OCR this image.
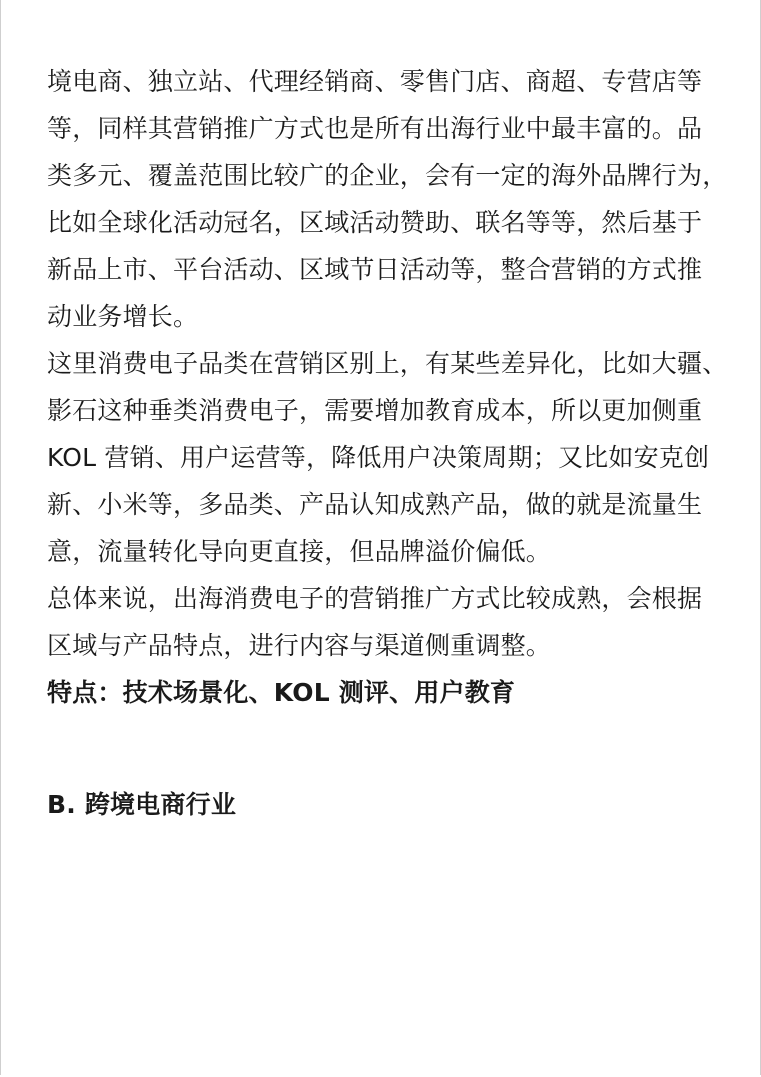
境电商、独立站、代理经销商、零售门店、商超、专营店等
等，同样其营销推广方式也是所有出海行业中最丰富的。品
类多元、覆盖范围比较广的企业，会有一定的海外品牌行为，
比如全球化活动冠名，区域活动赞助、联名等等，然后基于
新品上市、平台活动、区域节日活动等，整合营销的方式推
动业务增长。
这里消费电子品类在营销区别上，有某些差异化，比如大疆、
影石这种垂类消费电子，需要增加教育成本，所以更加侧重
KOL 营销、用户运营等，降低用户决策周期；又比如安克创
新、小米等，多品类、产品认知成熟产品，做的就是流量生
意，流量转化导向更直接，但品牌溢价偏低。
总体来说，出海消费电子的营销推广方式比较成熟，会根据
区域与产品特点，进行内容与渠道侧重调整。
特点：技术场景化、KOL 测评、用户教育
B. 跨境电商行业
